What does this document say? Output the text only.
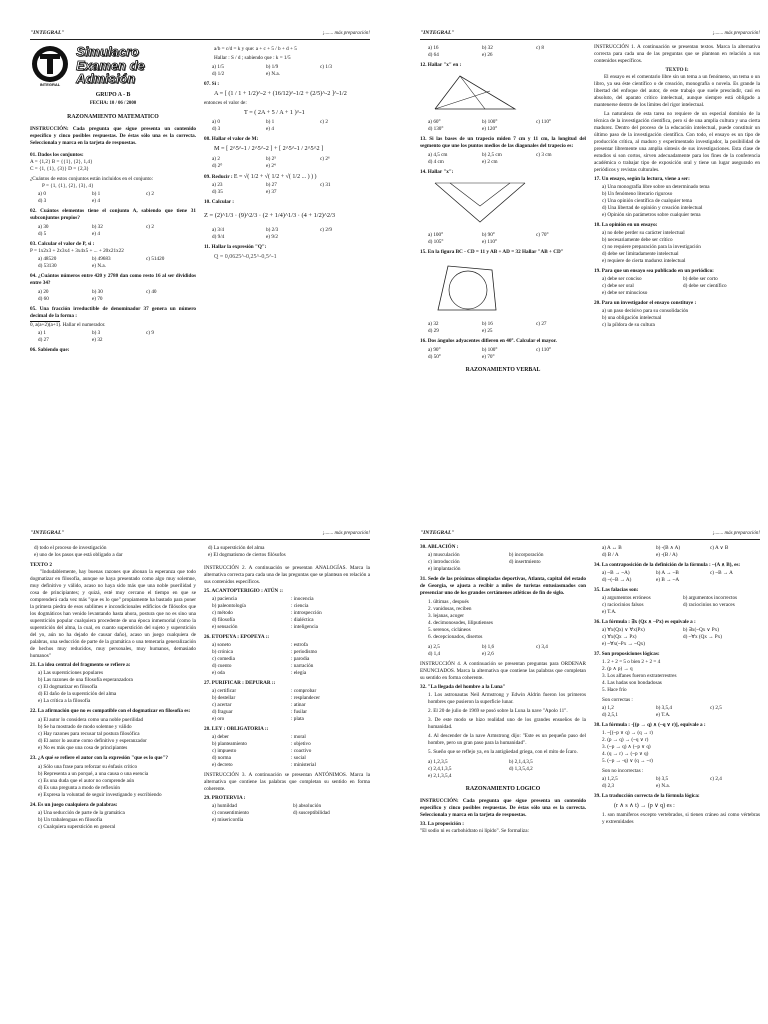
"INTEGRAL"	¡....... más preparación!
INTEGRAL
Simulacro
Examen de
Admisión
GRUPO A - B
FECHA: 10 / 06 / 2000
RAZONAMIENTO MATEMATICO

INSTRUCCIÓN: Cada pregunta que sigue presenta un contenido específico y cinco posibles respuestas. De éstas sólo una es la correcta. Seleccionala y marca en la tarjeta de respuestas.

01. Dados los conjuntos:
A = {1,2} B = {{1}, {2}, 1,4}
C = {1, {1}, {3}} D = {2,3}
¿Cuántos de estos conjuntos están incluidos en el conjunto:
P = {1, {1}, {2}, {3}, 4}
a) 0	b) 1	c) 2
d) 3	e) 4

02. Cuántos elementos tiene el conjunto A, sabiendo que tiene 31 subconjuntos propios?

a) 30	b) 32	c) 2
d) 5	e) 4
03. Calcular el valor de P, si :
P = 1x2x3 + 2x3x4 + 3x4x5 + ... + 20x21x22
a) 48520	b) 49683	c) 51420
d) 53130	e) N.a.

04. ¿Cuántos números entre 420 y 2780 dan como resto 16 al ser divididos entre 34?

a) 20	b) 30	c) 40
d) 60	e) 70

05. Una fracción irreductible de denominador 37 genera un número decimal de la forma :

0, a(a+2)(a+1). Hallar el numerador.
a) 1	b) 3	c) 9
d) 27	e) 32
06. Sabiendo que:
a/b = c/d = k y que: a + c + 5 / b + d + 5
Hallar : S / d ; sabiendo que : k = 1/5
a) 1/5	b) 1/9	c) 1/3
d) 1/2	e) N.a.
07. Si :
A = [ (1 / 1 + 1/2)^-2 + (16/12)^-1/2 + (2/5)^-2 ]^-1/2
entonces el valor de:
T = ( 2A + 5 / A + 1 )^-1
a) 0	b) 1	c) 2
d) 3	e) 4
08. Hallar el valor de M:
M = [ 2^5^-1 / 2^5^-2 ] + [ 2^5^-1 / 2^5^2 ]
a) 2	b) 2⁵	c) 2⁶
d) 2⁰	e) 2⁴
09. Reducir : E = √( 1/2 + √( 1/2 + √( 1/2 ... ) ) )
a) 23	b) 27	c) 31
d) 35	e) 37
10. Calcular :
Z = (2)^1/3 · (9)^2/3 · (2 + 1/4)^1/3 · (4 + 1/2)^2/3
a) 3/4	b) 2/3	c) 2/9
d) 9/4	e) 9/2
11. Hallar la expresión "Q":
Q = 0,0625^-0,25^-0,5^-1
"INTEGRAL"	¡....... más preparación!
a) 16	b) 32	c) 8
d) 64	e) 26
12. Hallar "x" en :
a) 60°	b) 100°	c) 110°
d) 130°	e) 120°

13. Si las bases de un trapecio miden 7 cm y 11 cm, la longitud del segmento que une los puntos medios de las diagonales del trapecio es:

a) 4,5 cm	b) 2,5 cm	c) 3 cm
d) 4 cm	e) 2 cm
14. Hallar "x":
a) 100°	b) 90°	c) 70°
d) 105°	e) 110°

15. En la figura BC - CD = 11 y AB + AD = 32 Hallar "AB + CD"

a) 32	b) 16	c) 27
d) 29	e) 25

16. Dos ángulos adyacentes difieren en 40°. Calcular el mayor.

a) 90°	b) 100°	c) 110°
d) 50°	e) 70°
RAZONAMIENTO VERBAL

INSTRUCCIÓN 1. A continuación se presentan textos. Marca la alternativa correcta para cada una de las preguntas que se plantean en relación a sus contenidos específicos.

TEXTO I:

El ensayo es el comentario libre sin un tema a un fenómeno, un tema o un libro, ya sea éste científico o de creación, monografía o novela. Es grande la libertad del enfoque del autor, de este trabajo que suele prescindir, casi en absoluto, del aparato crítico intelectual, aunque siempre está obligado a mantenerse dentro de los límites del rigor intelectual.

La naturaleza de esta tarea no requiere de un especial dominio de la técnica de la investigación científica, pero sí de una amplia cultura y una cierta madurez. Dentro del proceso de la educación intelectual, puede constituir un último paso de la investigación científica. Con todo, el ensayo es un tipo de producción crítica, al maduro y experimentado investigador, la posibilidad de presentar libremente una amplia síntesis de sus investigaciones. Esta clase de estudios si son cortos, sirven adecuadamente para los fines de la conferencia académica o trabajar tipo de exposición oral y tiene un lugar asegurado en periódicos y revistas culturales.

17. Un ensayo, según la lectura, viene a ser:
a) Una monografía libre sobre un determinado tema
b) Un fenómeno literario riguroso
c) Una opinión científica de cualquier tema
d) Una libertad de opinión y creación intelectual
e) Opinión sin parámetros sobre cualquier tema
18. La opinión en un ensayo:
a) no debe perder su carácter intelectual
b) necesariamente debe ser crítico
c) no requiere preparación para la investigación
d) debe ser limitadamente intelectual
e) requiere de cierta madurez intelectual
19. Para que un ensayo sea publicado en un periódico:
a) debe ser conciso	b) debe ser corto
c) debe ser oral	d) debe ser científico
e) debe ser minucioso
20. Para un investigador el ensayo constituye :
a) un paso decisivo para su consolidación
b) una obligación intelectual
c) la píldora de su cultura
"INTEGRAL"	¡....... más preparación!
d) todo el proceso de investigación
e) uno de los pasos que está obligado a dar
TEXTO 2

"Indudablemente, hay buenas razones que abonan la esperanza que todo dogmatizar en filosofía, aunque se haya presentado como algo muy solemne, muy definitivo y válido, acaso no haya sido más que una noble puerilidad y cosa de principiantes; y quizá, esté muy cercano el tiempo en que se comprenderá cada vez más "que es lo que" propiamente ha bastado para poner la primera piedra de esos sublimes e incondicionales edificios de filósofos que los dogmáticos han venido levantando hasta ahora, postura que no es sino una superstición popular cualquiera procedente de una época inmemorial (como la superstición del alma, la cual, en cuanto superstición del sujeto y superstición del yo, aún no ha dejado de causar daño), acaso un juego cualquiera de palabras, una seducción de parte de la gramática o una temeraria generalización de hechos muy reducidos, muy personales, muy humanos, demasiado humanos"

21. La idea central del fragmento se refiere a:
a) Las supersticiones populares
b) Las razones de una filosofía esperanzadora
c) El dogmatizar en filosofía
d) El daño de la superstición del alma
e) La crítica a la filosofía

22. La afirmación que no es compatible con el dogmatizar en filosofía es:

a) El autor lo considera como una noble puerilidad
b) Se ha mostrado de modo solemne y válido
c) Hay razones para recusar tal postura filosófica
d) El autor lo asume como definitivo y esperanzador
e) No es más que una cosa de principiantes

23. ¿A qué se refiere el autor con la expresión "que es lo que"?

a) Sólo una frase para reforzar su énfasis crítico
b) Representa a un porqué, a una causa o una esencia
c) Es una duda que el autor no comprende aún
d) Es una pregunta a modo de reflexión
e) Expresa la voluntad de seguir investigando y escribiendo
24. Es un juego cualquiera de palabras:
a) Una seducción de parte de la gramática
b) Un trabalenguas en filosofía
c) Cualquiera superstición en general
d) La superstición del alma
e) El dogmatismo de ciertos filósofos

INSTRUCCIÓN 2. A continuación se presentan ANALOGÍAS. Marca la alternativa correcta para cada una de las preguntas que se plantean en relación a sus contenidos específicos.

25. ACANTOPTERIGIO : ATÚN ::
a) paciencia	: inocencia
b) paleontología	: ciencia
c) método	: introspección
d) filosofía	: dialéctica
e) sensación	: inteligencia
26. ETOPEYA : EPOPEYA ::
a) soneto	: estrofa
b) crónica	: periodismo
c) comedia	: parodia
d) cuento	: narración
e) oda	: elegía
27. PURIFICAR : DEPURAR ::
a) certificar	: comprobar
b) destellar	: resplandecer
c) acertar	: atinar
d) fraguar	: fusilar
e) oro	: plata
28. LEY : OBLIGATORIA ::
a) deber	: moral
b) planteamiento	: objetivo
c) impuesto	: coactivo
d) norma	: social
e) decreto	: ministerial

INSTRUCCIÓN 3. A continuación se presentan ANTÓNIMOS. Marca la alternativa que contiene las palabras que completan su sentido en forma coherente.

29. PROTERVIA :
a) humildad	b) absolución
c) consentimiento	d) susceptibilidad
e) misericordia
"INTEGRAL"	¡....... más preparación!
30. ABLACIÓN :
a) musculación	b) incorporación
c) introducción	d) insertmiento
e) implantación

31. Sede de las próximas olimpiadas deportivas, Atlanta, capital del estado de Georgia, se ajusta a recibir a miles de turistas entusiasmados con presenciar uno de los grandes certámenes atléticos de fin de siglo.

1. últimas , después
2. vanidosas, reciben
3. lejanas, acoger
4. decimonosodes, liliputienses
5. serenos, cicláneos
6. decepcionados, disertos
a) 2,5	b) 1,6	c) 3,4
d) 1,4	e) 2,6

INSTRUCCIÓN 4. A continuación se presentan preguntas para ORDENAR ENUNCIADOS. Marca la alternativa que contiene las palabras que completan su sentido en forma coherente.

32. "La llegada del hombre a la Luna"

1. Los astronautas Neil Armstrong y Edwin Aldrin fueron los primeros hombres que pusieron la superficie lunar.

2. El 20 de julio de 1969 se posó sobre la Luna la nave "Apolo 11".

3. De este modo se hizo realidad uno de los grandes ensueños de la humanidad.

4. Al descender de la nave Armstrong dijo: "Este es un pequeño paso del hombre, pero un gran paso para la humanidad".

5. Sueño que se reflejo ya, en la antigüedad griega, con el mito de Ícaro.

a) 1,2,3,5	b) 2,1,4,3,5
c) 2,4,1,3,5	d) 1,3,5,4,2
e) 2,1,3,5,4
RAZONAMIENTO LOGICO

INSTRUCCIÓN: Cada pregunta que sigue presenta un contenido específico y cinco posibles respuestas. De éstas sólo una es la correcta. Seleccionala y marca en la tarjeta de respuestas.

33. La proposición :
"El sodio ni es carbohidrato ni lípido". Se formaliza:
a) A ↔ B	b) -(B ∧ A)	c) A ∨ B
d) B / A	e) -(B / A)
34. La contraposición de la definición de la fórmula : ~(A ∧ B), es:
a) ~B → ~A)	b) A → ~B	c) ~B → A
d) ~(~B → A)	e) B → ~A
35. Las falacias son:
a) argumentos erróneos	b) argumentos incorrectos
c) raciocinios falsos	d) raciocinios no veraces
e) T.A.
36. La fórmula : ∃x (Qx ∧ ~Px) es equivale a :
a) ∀x(Qx) ∨ ∀x(Px)	b) ∃x(~Qx ∨ Px)
c) ∀x(Qx → Px)	d) ~∀x (Qx → Px)
e) ~∀x(~Px → ~Qx)
37. Son proposiciones lógicas:
1. 2 + 2 = 5 o bien 2 + 2 = 4
2. (p ∧ p) → q
3. Los alfanes fueron extraterrestres
4. Las hadas son bondadosas
5. Hace frío
Son correctas :
a) 1,2	b) 3,5,4	c) 2,5
d) 2,5,1	e) T.A.
38. La fórmula : -[(p → q) ∧ (~q ∨ r)], equivale a :
1. ~[(~p ∨ q) → (q → r)
2. (p → q) → (~q ∨ r)
3. (~p → q) ∧ (~p ∨ q)
4. (q → r) → (~p ∨ q)
5. (~p → -q) ∨ (q → ~r)
Son no incorrectas :
a) 1,2,5	b) 3,5	c) 2,4
d) 2,3	e) N.a.
39. La traducción correcta de la fórmula lógica:
(r ∧ s ∧ t) → (p ∨ q) es :

1. son mamíferos excepto vertebrados, si tienen cráneo así como vértebras y extremidades
